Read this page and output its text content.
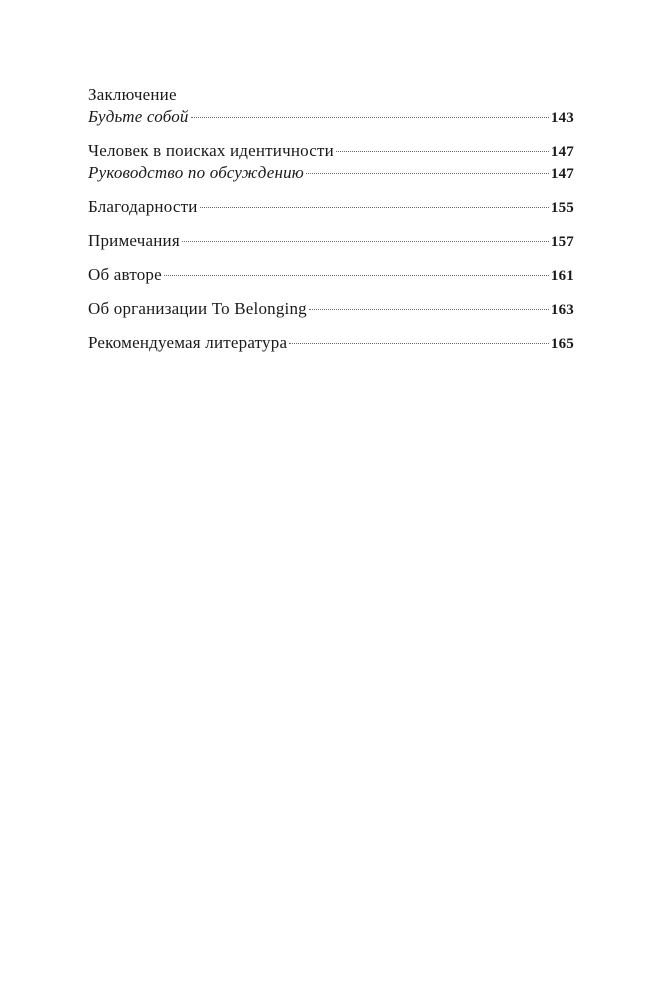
Заключение
Будьте собой	143
Человек в поисках идентичности	147
Руководство по обсуждению	147
Благодарности	155
Примечания	157
Об авторе	161
Об организации To Belonging	163
Рекомендуемая литература	165
